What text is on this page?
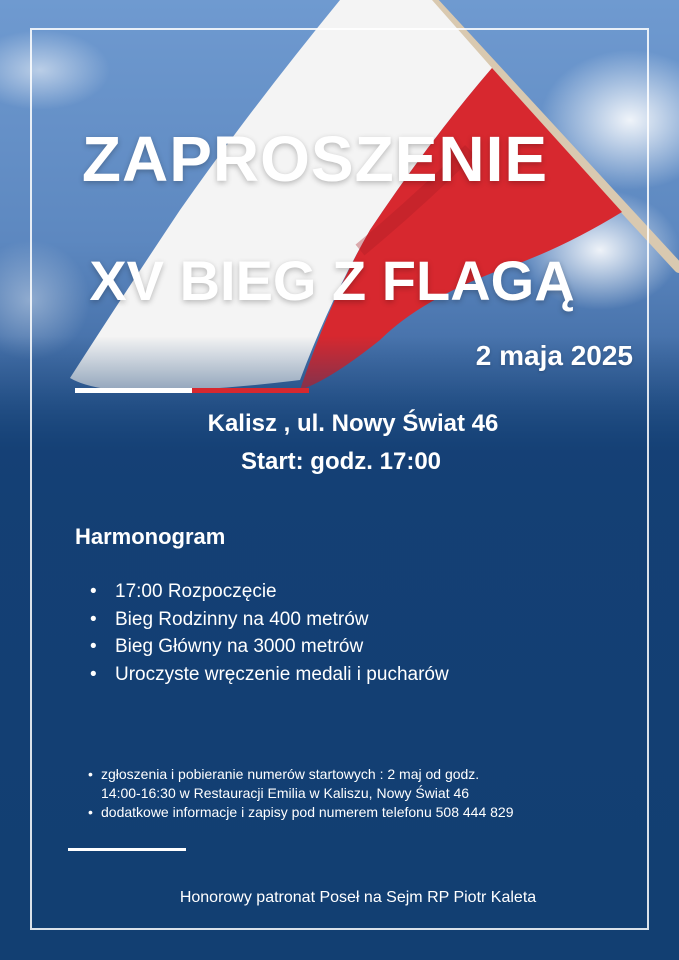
ZAPROSZENIE
XV BIEG Z FLAGĄ
2 maja 2025
Kalisz , ul. Nowy Świat 46
Start: godz. 17:00
Harmonogram
• 17:00 Rozpoczęcie
• Bieg Rodzinny na 400 metrów
• Bieg Główny na 3000 metrów
• Uroczyste wręczenie medali i pucharów
• zgłoszenia i pobieranie numerów startowych : 2 maj od godz.
14:00-16:30 w Restauracji Emilia w Kaliszu, Nowy Świat 46
• dodatkowe informacje i zapisy pod numerem telefonu 508 444 829
Honorowy patronat Poseł na Sejm RP Piotr Kaleta
